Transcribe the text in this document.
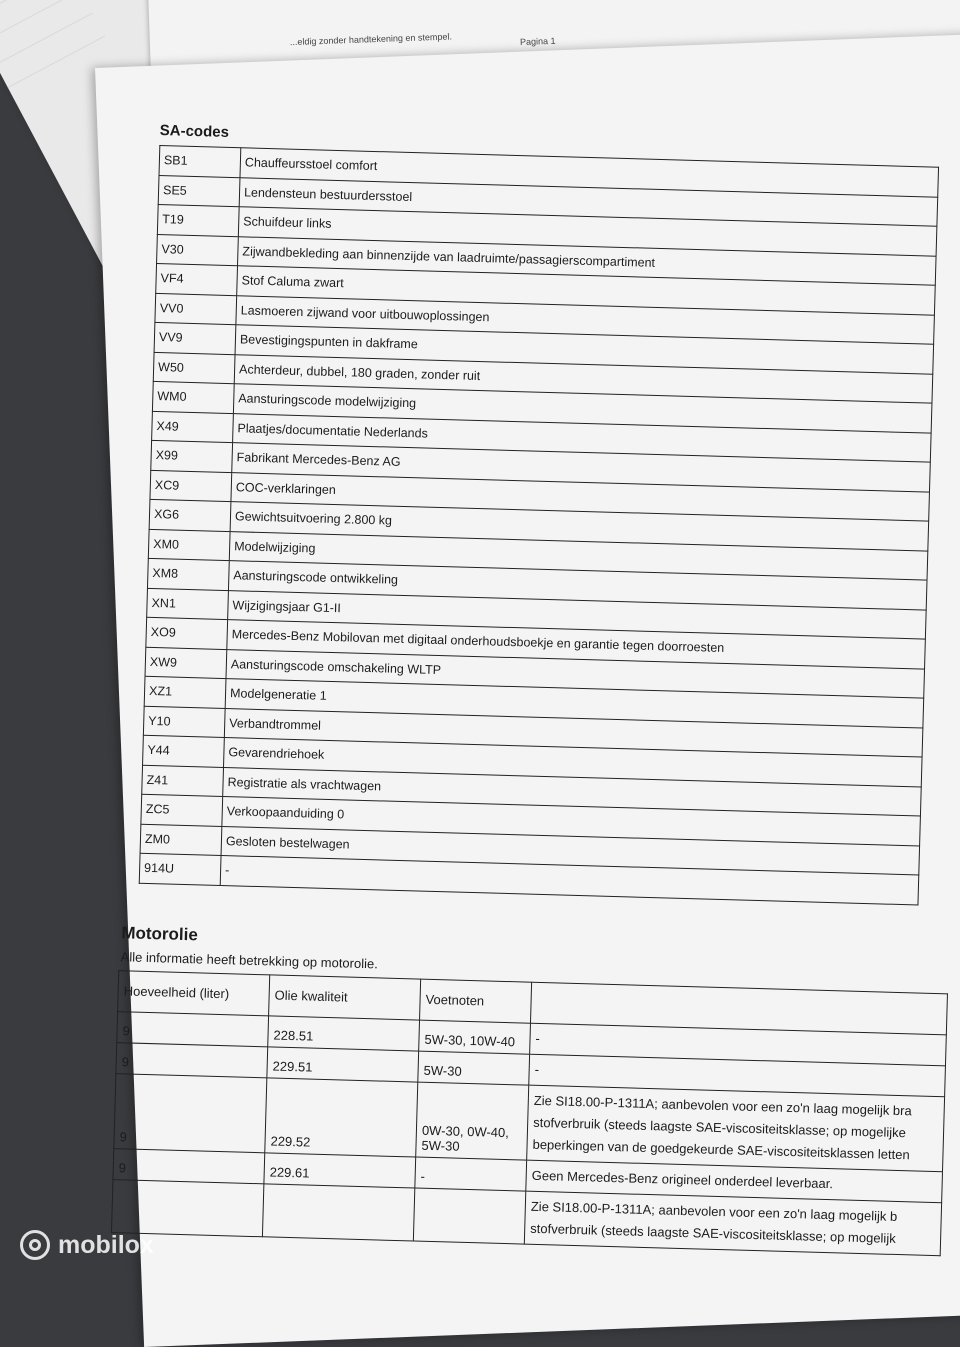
...eldig zonder handtekening en stempel.	Pagina 1
SA-codes
SB1	Chauffeursstoel comfort
SE5	Lendensteun bestuurdersstoel
T19	Schuifdeur links
V30	Zijwandbekleding aan binnenzijde van laadruimte/passagierscompartiment
VF4	Stof Caluma zwart
VV0	Lasmoeren zijwand voor uitbouwoplossingen
VV9	Bevestigingspunten in dakframe
W50	Achterdeur, dubbel, 180 graden, zonder ruit
WM0	Aansturingscode modelwijziging
X49	Plaatjes/documentatie Nederlands
X99	Fabrikant Mercedes-Benz AG
XC9	COC-verklaringen
XG6	Gewichtsuitvoering 2.800 kg
XM0	Modelwijziging
XM8	Aansturingscode ontwikkeling
XN1	Wijzigingsjaar G1-II
XO9	Mercedes-Benz Mobilovan met digitaal onderhoudsboekje en garantie tegen doorroesten
XW9	Aansturingscode omschakeling WLTP
XZ1	Modelgeneratie 1
Y10	Verbandtrommel
Y44	Gevarendriehoek
Z41	Registratie als vrachtwagen
ZC5	Verkoopaanduiding 0
ZM0	Gesloten bestelwagen
914U	-
Motorolie
Alle informatie heeft betrekking op motorolie.
Hoeveelheid (liter)	Olie kwaliteit	Voetnoten	
9	228.51	5W-30, 10W-40	-
9	229.51	5W-30	-
9	229.52	0W-30, 0W-40, 5W-30	Zie SI18.00-P-1311A; aanbevolen voor een zo'n laag mogelijk bra stofverbruik (steeds laagste SAE-viscositeitsklasse; op mogelijke beperkingen van de goedgekeurde SAE-viscositeitsklassen letten
9	229.61	-	Geen Mercedes-Benz origineel onderdeel leverbaar.
			Zie SI18.00-P-1311A; aanbevolen voor een zo'n laag mogelijk b stofverbruik (steeds laagste SAE-viscositeitsklasse; op mogelijk
mobilox
